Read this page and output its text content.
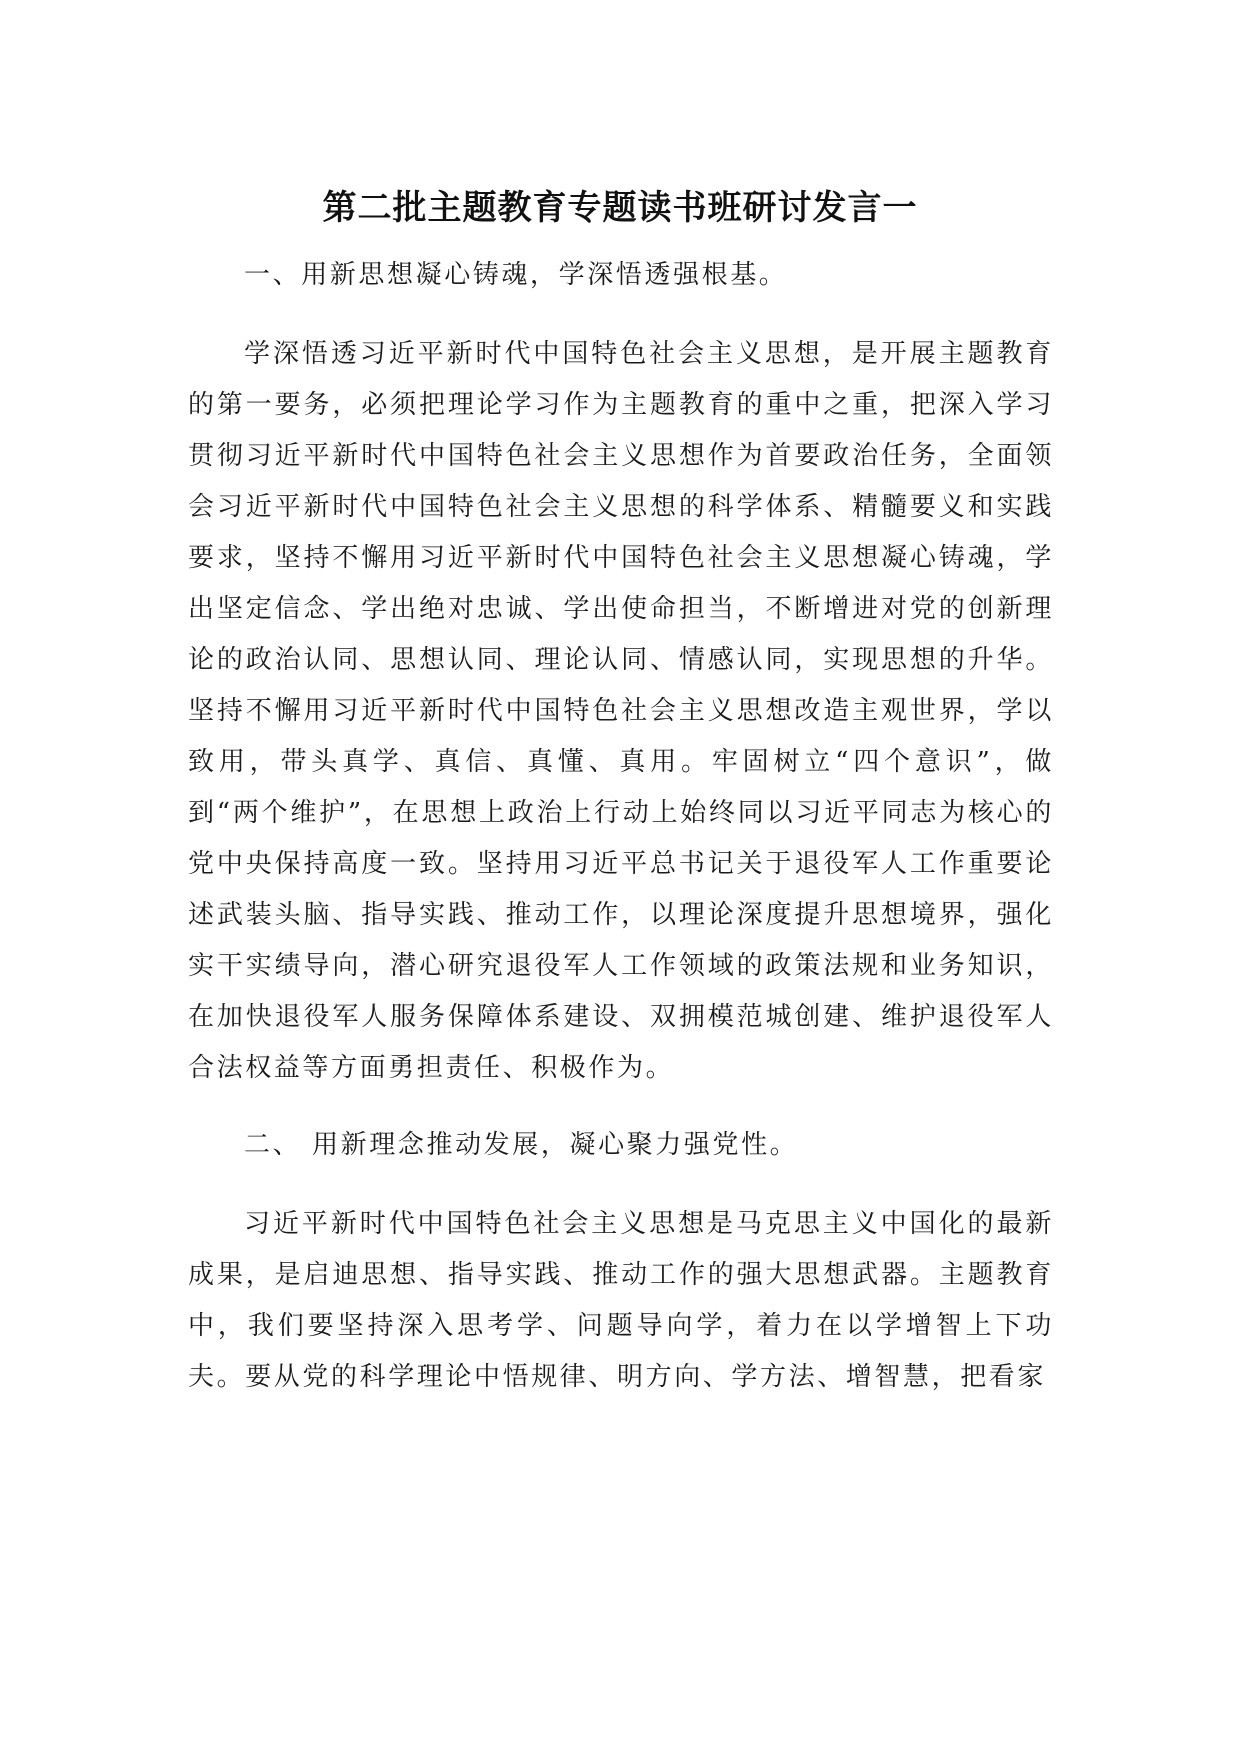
第二批主题教育专题读书班研讨发言一

一、用新思想凝心铸魂，学深悟透强根基。

学深悟透习近平新时代中国特色社会主义思想，是开展主题教育的第一要务，必须把理论学习作为主题教育的重中之重，把深入学习贯彻习近平新时代中国特色社会主义思想作为首要政治任务，全面领会习近平新时代中国特色社会主义思想的科学体系、精髓要义和实践要求，坚持不懈用习近平新时代中国特色社会主义思想凝心铸魂，学出坚定信念、学出绝对忠诚、学出使命担当，不断增进对党的创新理论的政治认同、思想认同、理论认同、情感认同，实现思想的升华。坚持不懈用习近平新时代中国特色社会主义思想改造主观世界，学以致用，带头真学、真信、真懂、真用。牢固树立“四个意识”，做到“两个维护”，在思想上政治上行动上始终同以习近平同志为核心的党中央保持高度一致。坚持用习近平总书记关于退役军人工作重要论述武装头脑、指导实践、推动工作，以理论深度提升思想境界，强化实干实绩导向，潜心研究退役军人工作领域的政策法规和业务知识，在加快退役军人服务保障体系建设、双拥模范城创建、维护退役军人合法权益等方面勇担责任、积极作为。

二、 用新理念推动发展，凝心聚力强党性。

习近平新时代中国特色社会主义思想是马克思主义中国化的最新成果，是启迪思想、指导实践、推动工作的强大思想武器。主题教育中，我们要坚持深入思考学、问题导向学，着力在以学增智上下功夫。要从党的科学理论中悟规律、明方向、学方法、增智慧，把看家
